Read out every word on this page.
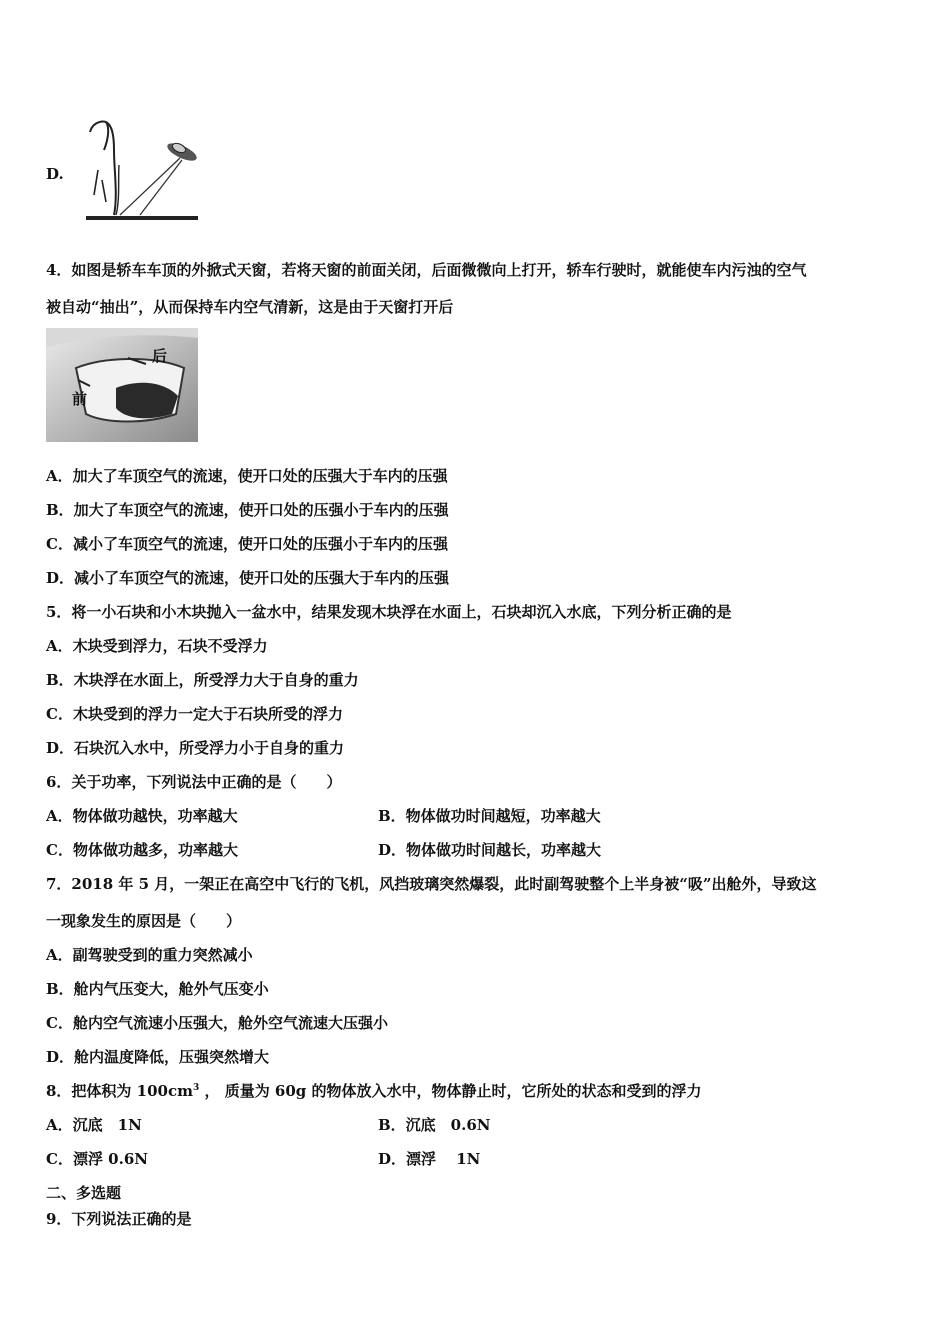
D.
4．如图是轿车车顶的外掀式天窗，若将天窗的前面关闭，后面微微向上打开，轿车行驶时，就能使车内污浊的空气
被自动“抽出”，从而保持车内空气清新，这是由于天窗打开后
后
前
A．加大了车顶空气的流速，使开口处的压强大于车内的压强
B．加大了车顶空气的流速，使开口处的压强小于车内的压强
C．减小了车顶空气的流速，使开口处的压强小于车内的压强
D．减小了车顶空气的流速，使开口处的压强大于车内的压强
5．将一小石块和小木块抛入一盆水中，结果发现木块浮在水面上，石块却沉入水底，下列分析正确的是
A．木块受到浮力，石块不受浮力
B．木块浮在水面上，所受浮力大于自身的重力
C．木块受到的浮力一定大于石块所受的浮力
D．石块沉入水中，所受浮力小于自身的重力
6．关于功率，下列说法中正确的是（　　）
A．物体做功越快，功率越大	B．物体做功时间越短，功率越大
C．物体做功越多，功率越大	D．物体做功时间越长，功率越大
7．2018 年 5 月，一架正在高空中飞行的飞机，风挡玻璃突然爆裂，此时副驾驶整个上半身被“吸”出舱外，导致这
一现象发生的原因是（　　）
A．副驾驶受到的重力突然减小
B．舱内气压变大，舱外气压变小
C．舱内空气流速小压强大，舱外空气流速大压强小
D．舱内温度降低，压强突然增大
8．把体积为 $100cm^3$ ， 质量为 60g 的物体放入水中，物体静止时，它所处的状态和受到的浮力
A．沉底　1N	B．沉底　0.6N
C．漂浮 0.6N	D．漂浮　 1N
二、多选题
9．下列说法正确的是
